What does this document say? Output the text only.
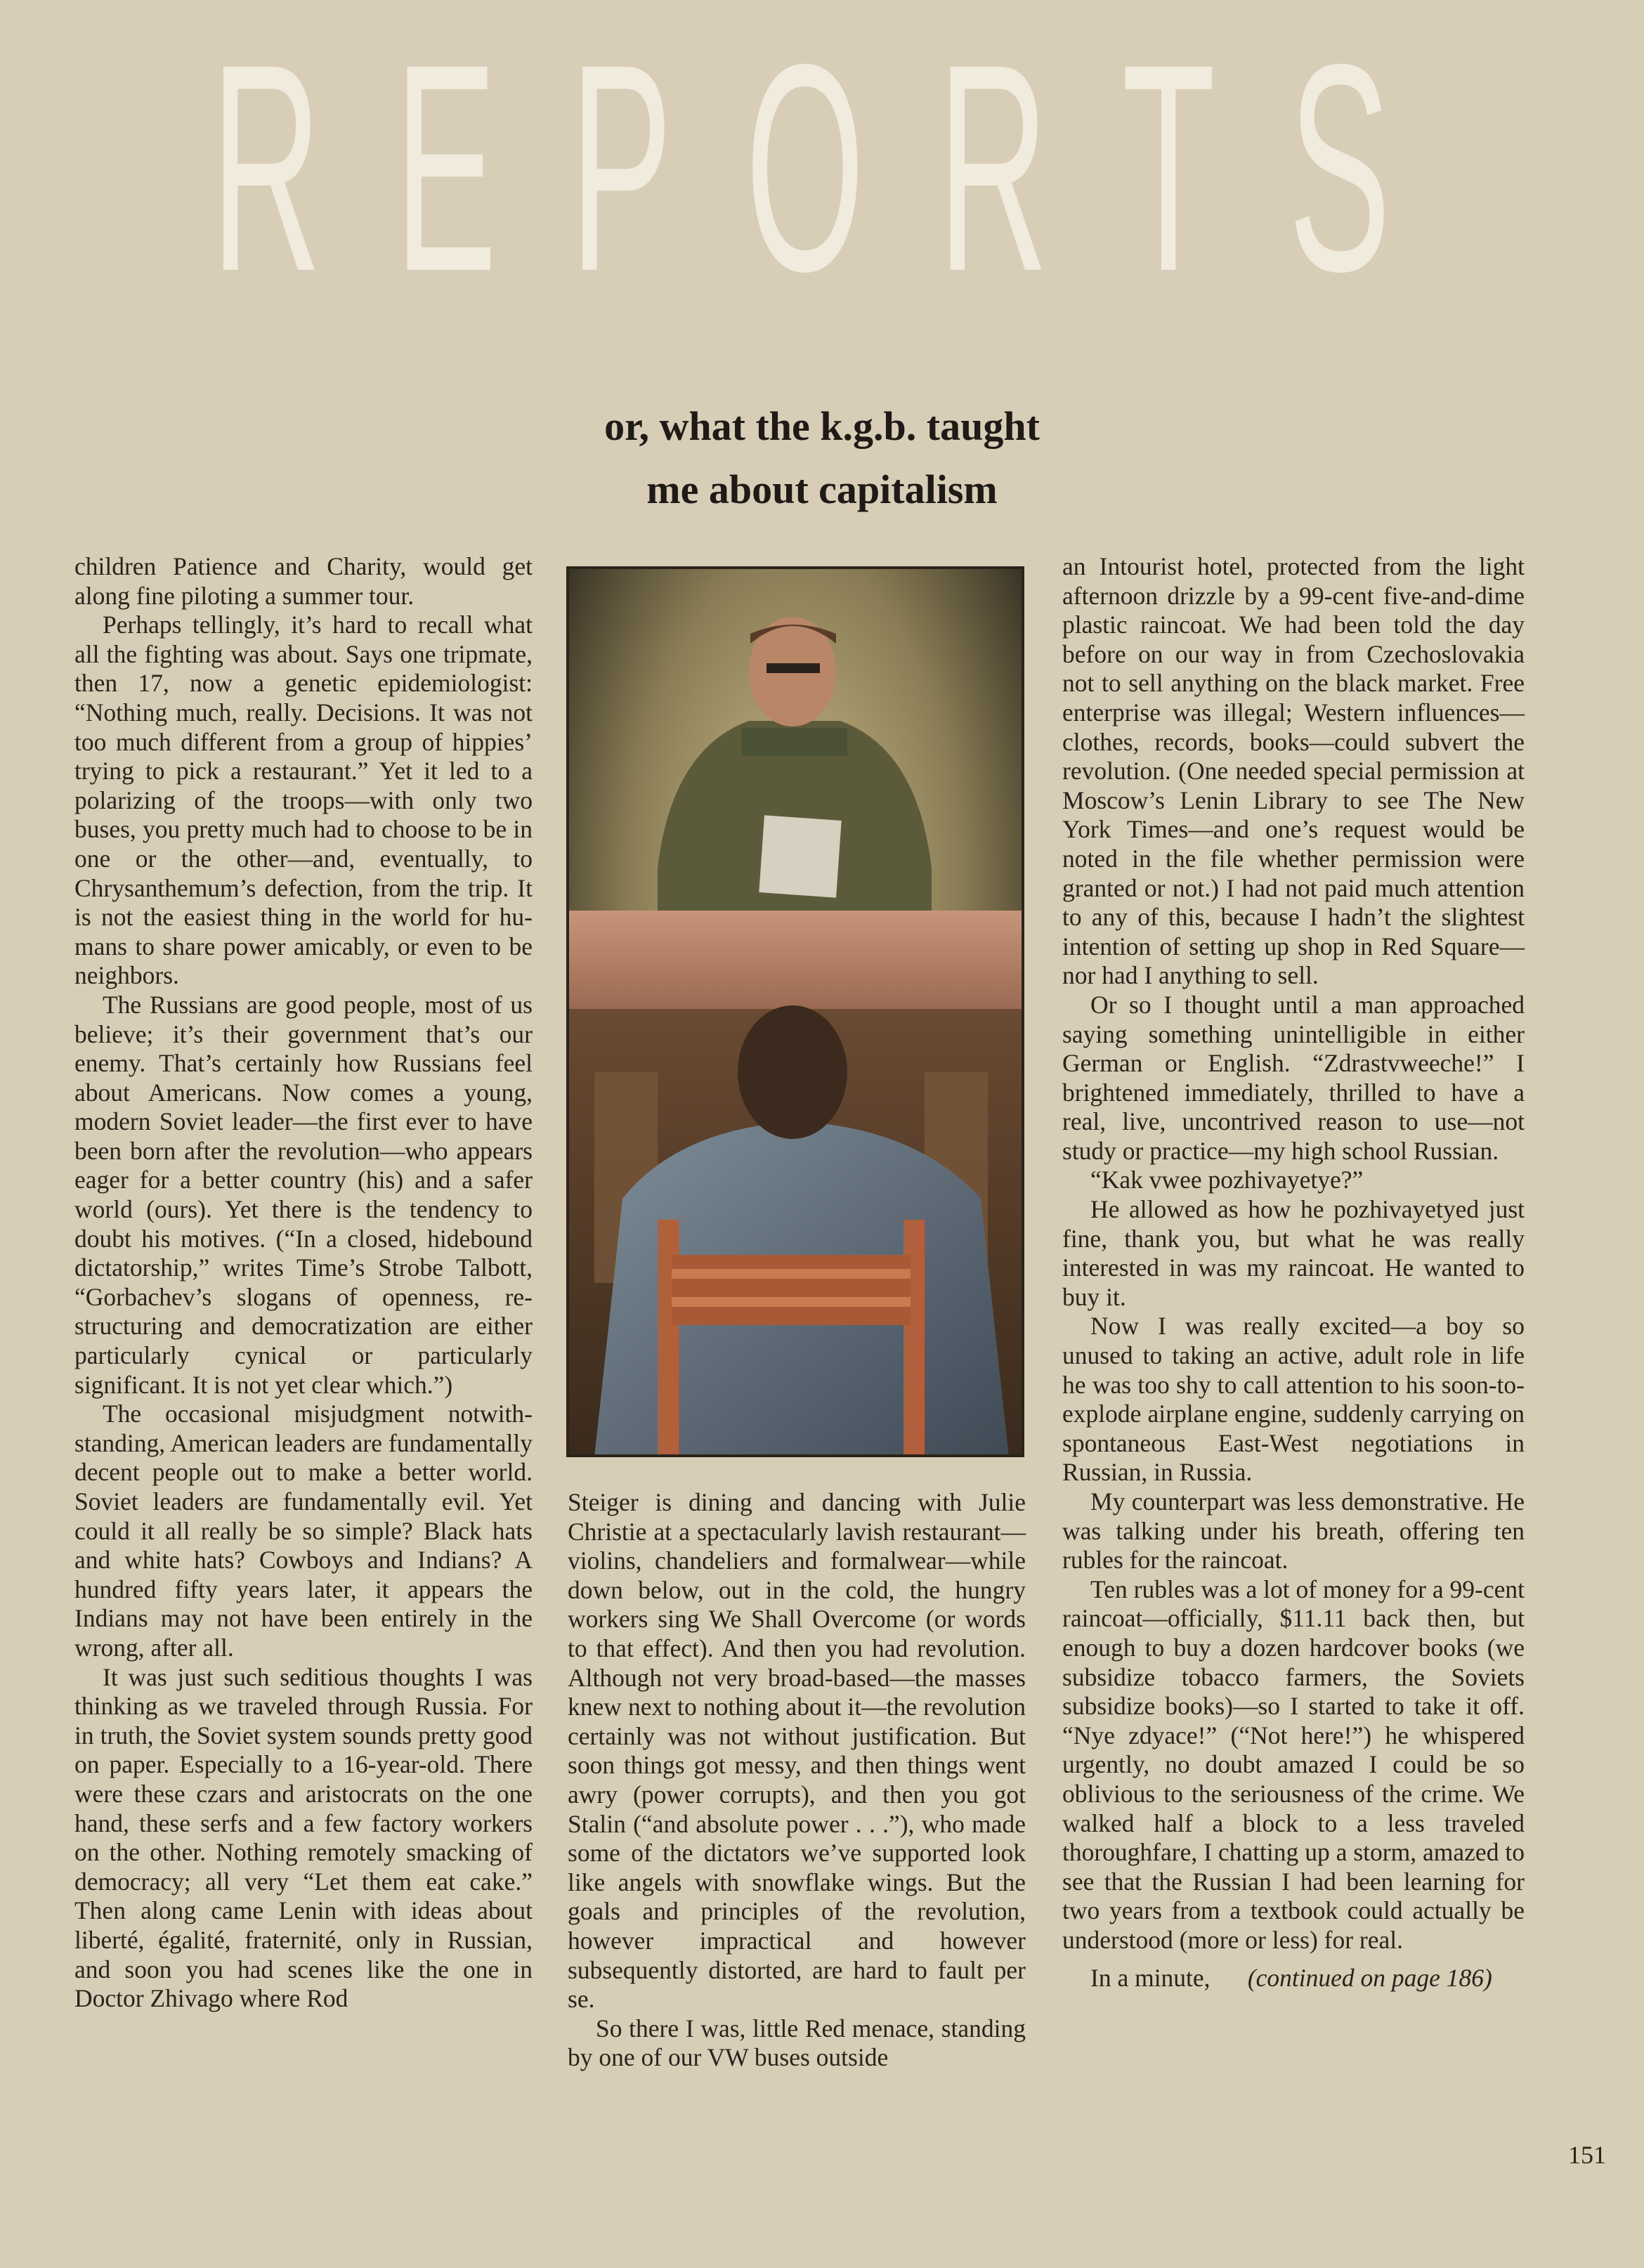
R E P O R T S
or, what the k.g.b. taught
me about capitalism

children Patience and Charity, would get along fine piloting a summer tour.

Perhaps tellingly, it’s hard to recall what all the fighting was about. Says one tripmate, then 17, now a genetic epidemiologist: “Nothing much, really. Decisions. It was not too much different from a group of hippies’ trying to pick a restaurant.” Yet it led to a polarizing of the troops—with only two buses, you pretty much had to choose to be in one or the other—and, eventually, to Chrysanthemum’s defection, from the trip. It is not the easiest thing in the world for humans to share power amicably, or even to be neighbors.

The Russians are good people, most of us believe; it’s their government that’s our enemy. That’s certainly how Russians feel about Americans. Now comes a young, modern Soviet leader—the first ever to have been born after the revolution—who appears eager for a better country (his) and a safer world (ours). Yet there is the tendency to doubt his motives. (“In a closed, hidebound dictatorship,” writes Time’s Strobe Talbott, “Gorbachev’s slogans of openness, restructuring and democratization are either particularly cynical or particularly significant. It is not yet clear which.”)

The occasional misjudgment notwithstanding, American leaders are fundamentally decent people out to make a better world. Soviet leaders are fundamentally evil. Yet could it all really be so simple? Black hats and white hats? Cowboys and Indians? A hundred fifty years later, it appears the Indians may not have been entirely in the wrong, after all.

It was just such seditious thoughts I was thinking as we traveled through Russia. For in truth, the Soviet system sounds pretty good on paper. Especially to a 16-year-old. There were these czars and aristocrats on the one hand, these serfs and a few factory workers on the other. Nothing remotely smacking of democracy; all very “Let them eat cake.” Then along came Lenin with ideas about liberté, égalité, fraternité, only in Russian, and soon you had scenes like the one in Doctor Zhivago where Rod

Steiger is dining and dancing with Julie Christie at a spectacularly lavish restaurant—violins, chandeliers and formalwear—while down below, out in the cold, the hungry workers sing We Shall Overcome (or words to that effect). And then you had revolution. Although not very broad-based—the masses knew next to nothing about it—the revolution certainly was not without justification. But soon things got messy, and then things went awry (power corrupts), and then you got Stalin (“and absolute power . . .”), who made some of the dictators we’ve supported look like angels with snowflake wings. But the goals and principles of the revolution, however impractical and however subsequently distorted, are hard to fault per se.

So there I was, little Red menace, standing by one of our VW buses outside

an Intourist hotel, protected from the light afternoon drizzle by a 99-cent five-and-dime plastic raincoat. We had been told the day before on our way in from Czechoslovakia not to sell anything on the black market. Free enterprise was illegal; Western influences—clothes, records, books—could subvert the revolution. (One needed special permission at Moscow’s Lenin Library to see The New York Times—and one’s request would be noted in the file whether permission were granted or not.) I had not paid much attention to any of this, because I hadn’t the slightest intention of setting up shop in Red Square—nor had I anything to sell.

Or so I thought until a man approached saying something unintelligible in either German or English. “Zdrastvweeche!” I brightened immediately, thrilled to have a real, live, uncontrived reason to use—not study or practice—my high school Russian.

“Kak vwee pozhivayetye?”

He allowed as how he pozhivayetyed just fine, thank you, but what he was really interested in was my raincoat. He wanted to buy it.

Now I was really excited—a boy so unused to taking an active, adult role in life he was too shy to call attention to his soon-to-explode airplane engine, suddenly carrying on spontaneous East-West negotiations in Russian, in Russia.

My counterpart was less demonstrative. He was talking under his breath, offering ten rubles for the raincoat.

Ten rubles was a lot of money for a 99-cent raincoat—officially, $11.11 back then, but enough to buy a dozen hardcover books (we subsidize tobacco farmers, the Soviets subsidize books)—so I started to take it off. “Nye zdyace!” (“Not here!”) he whispered urgently, no doubt amazed I could be so oblivious to the seriousness of the crime. We walked half a block to a less traveled thoroughfare, I chatting up a storm, amazed to see that the Russian I had been learning for two years from a textbook could actually be understood (more or less) for real.

In a minute, (continued on page 186)

151
